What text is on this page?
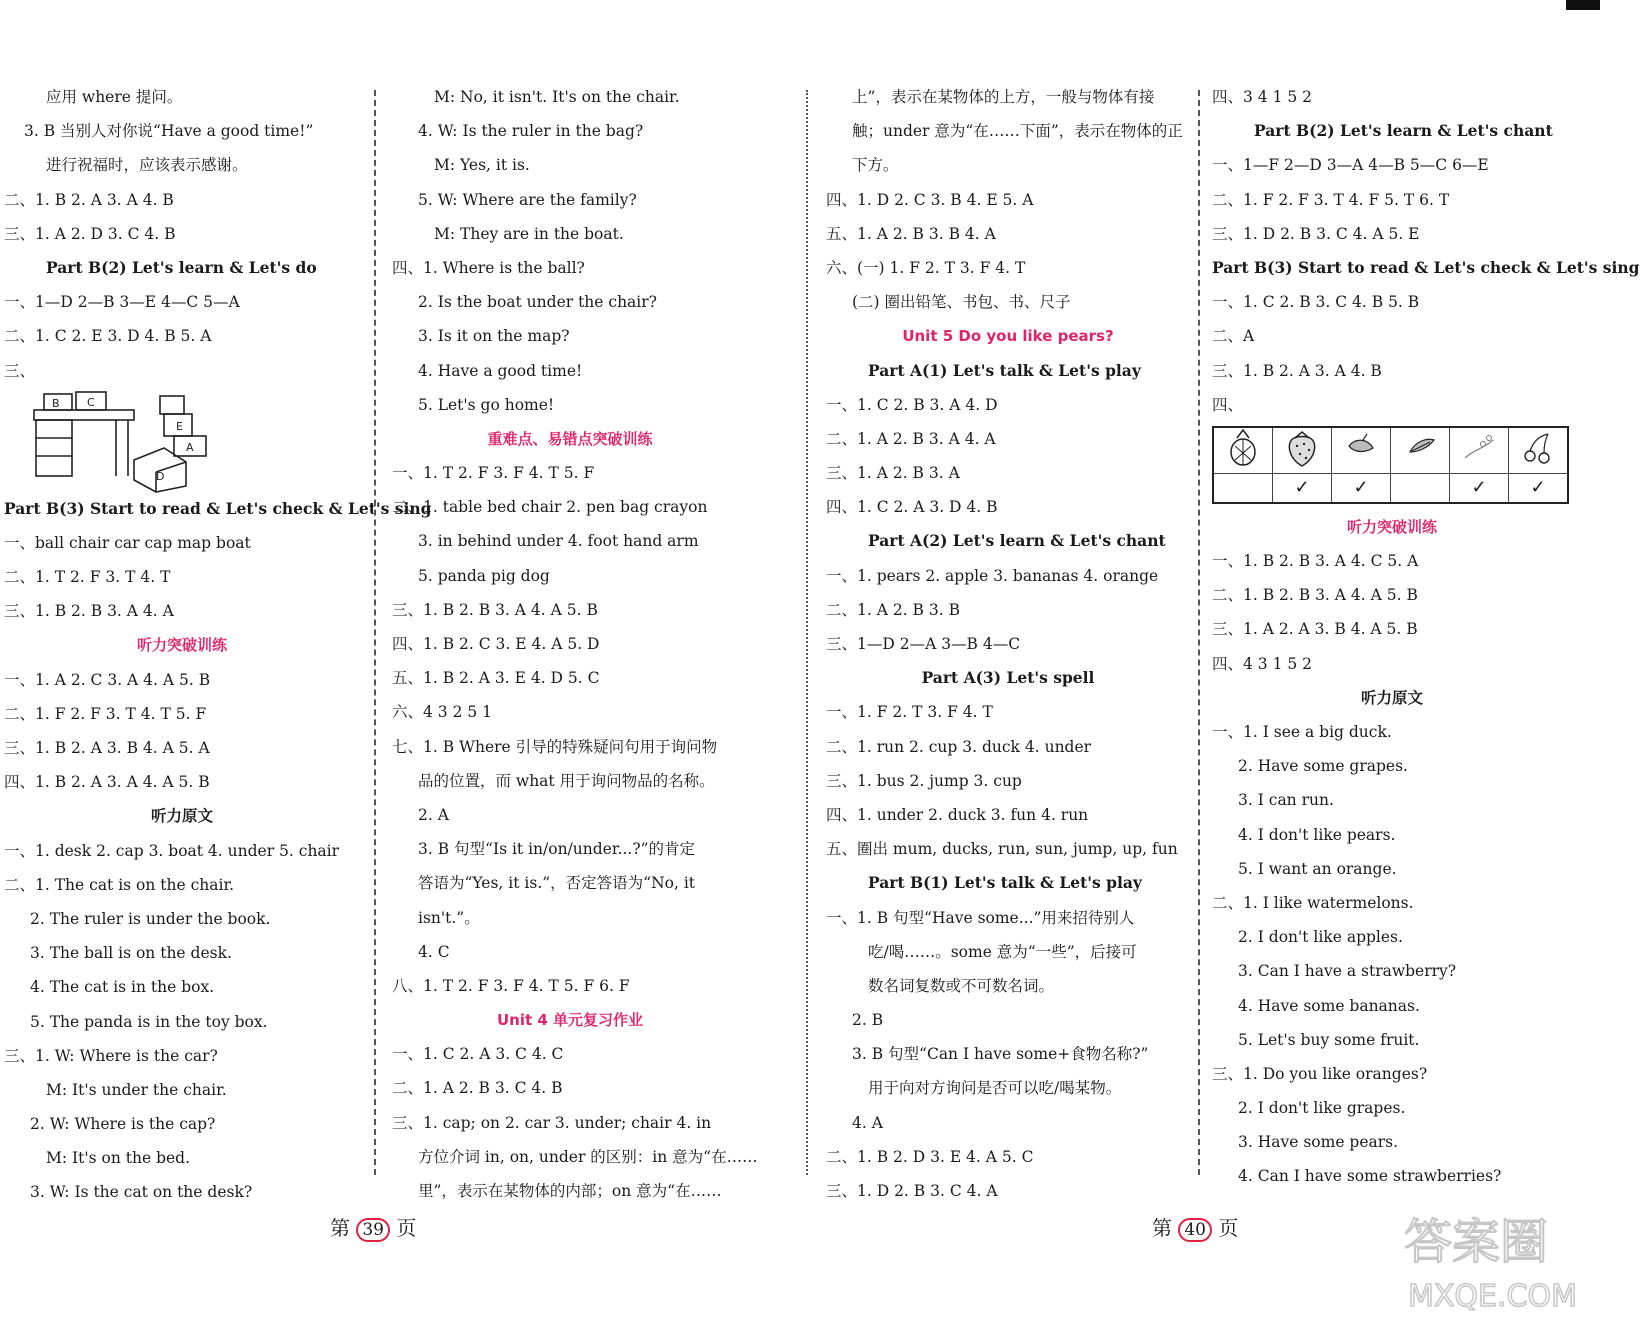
应用 where 提问。
3. B 当别人对你说“Have a good time!”
进行祝福时，应该表示感谢。
二、1. B 2. A 3. A 4. B
三、1. A 2. D 3. C 4. B
Part B(2) Let's learn & Let's do
一、1—D 2—B 3—E 4—C 5—A
二、1. C 2. E 3. D 4. B 5. A
三、
B C
E
A
D
Part B(3) Start to read & Let's check & Let's sing
一、ball chair car cap map boat
二、1. T 2. F 3. T 4. T
三、1. B 2. B 3. A 4. A
听力突破训练
一、1. A 2. C 3. A 4. A 5. B
二、1. F 2. F 3. T 4. T 5. F
三、1. B 2. A 3. B 4. A 5. A
四、1. B 2. A 3. A 4. A 5. B
听力原文
一、1. desk 2. cap 3. boat 4. under 5. chair
二、1. The cat is on the chair.
2. The ruler is under the book.
3. The ball is on the desk.
4. The cat is in the box.
5. The panda is in the toy box.
三、1. W: Where is the car?
M: It's under the chair.
2. W: Where is the cap?
M: It's on the bed.
3. W: Is the cat on the desk?
M: No, it isn't. It's on the chair.
4. W: Is the ruler in the bag?
M: Yes, it is.
5. W: Where are the family?
M: They are in the boat.
四、1. Where is the ball?
2. Is the boat under the chair?
3. Is it on the map?
4. Have a good time!
5. Let's go home!
重难点、易错点突破训练
一、1. T 2. F 3. F 4. T 5. F
二、1. table bed chair 2. pen bag crayon
3. in behind under 4. foot hand arm
5. panda pig dog
三、1. B 2. B 3. A 4. A 5. B
四、1. B 2. C 3. E 4. A 5. D
五、1. B 2. A 3. E 4. D 5. C
六、4 3 2 5 1
七、1. B Where 引导的特殊疑问句用于询问物
品的位置，而 what 用于询问物品的名称。
2. A
3. B 句型“Is it in/on/under...?”的肯定
答语为“Yes, it is.”，否定答语为“No, it
isn't.”。
4. C
八、1. T 2. F 3. F 4. T 5. F 6. F
Unit 4 单元复习作业
一、1. C 2. A 3. C 4. C
二、1. A 2. B 3. C 4. B
三、1. cap; on 2. car 3. under; chair 4. in
方位介词 in, on, under 的区别：in 意为“在……
里”，表示在某物体的内部；on 意为“在……
上”，表示在某物体的上方，一般与物体有接
触；under 意为“在……下面”，表示在物体的正
下方。
四、1. D 2. C 3. B 4. E 5. A
五、1. A 2. B 3. B 4. A
六、(一) 1. F 2. T 3. F 4. T
(二) 圈出铅笔、书包、书、尺子
Unit 5 Do you like pears?
Part A(1) Let's talk & Let's play
一、1. C 2. B 3. A 4. D
二、1. A 2. B 3. A 4. A
三、1. A 2. B 3. A
四、1. C 2. A 3. D 4. B
Part A(2) Let's learn & Let's chant
一、1. pears 2. apple 3. bananas 4. orange
二、1. A 2. B 3. B
三、1—D 2—A 3—B 4—C
Part A(3) Let's spell
一、1. F 2. T 3. F 4. T
二、1. run 2. cup 3. duck 4. under
三、1. bus 2. jump 3. cup
四、1. under 2. duck 3. fun 4. run
五、圈出 mum, ducks, run, sun, jump, up, fun
Part B(1) Let's talk & Let's play
一、1. B 句型“Have some...”用来招待别人
吃/喝……。some 意为“一些”，后接可
数名词复数或不可数名词。
2. B
3. B 句型“Can I have some+食物名称?”
用于向对方询问是否可以吃/喝某物。
4. A
二、1. B 2. D 3. E 4. A 5. C
三、1. D 2. B 3. C 4. A
四、3 4 1 5 2
Part B(2) Let's learn & Let's chant
一、1—F 2—D 3—A 4—B 5—C 6—E
二、1. F 2. F 3. T 4. F 5. T 6. T
三、1. D 2. B 3. C 4. A 5. E
Part B(3) Start to read & Let's check & Let's sing
一、1. C 2. B 3. C 4. B 5. B
二、A
三、1. B 2. A 3. A 4. B
四、

	✓	✓		✓	✓
听力突破训练
一、1. B 2. B 3. A 4. C 5. A
二、1. B 2. B 3. A 4. A 5. B
三、1. A 2. A 3. B 4. A 5. B
四、4 3 1 5 2
听力原文
一、1. I see a big duck.
2. Have some grapes.
3. I can run.
4. I don't like pears.
5. I want an orange.
二、1. I like watermelons.
2. I don't like apples.
3. Can I have a strawberry?
4. Have some bananas.
5. Let's buy some fruit.
三、1. Do you like oranges?
2. I don't like grapes.
3. Have some pears.
4. Can I have some strawberries?
第 39 页	第 40 页	答案圈
MXQE.COM
